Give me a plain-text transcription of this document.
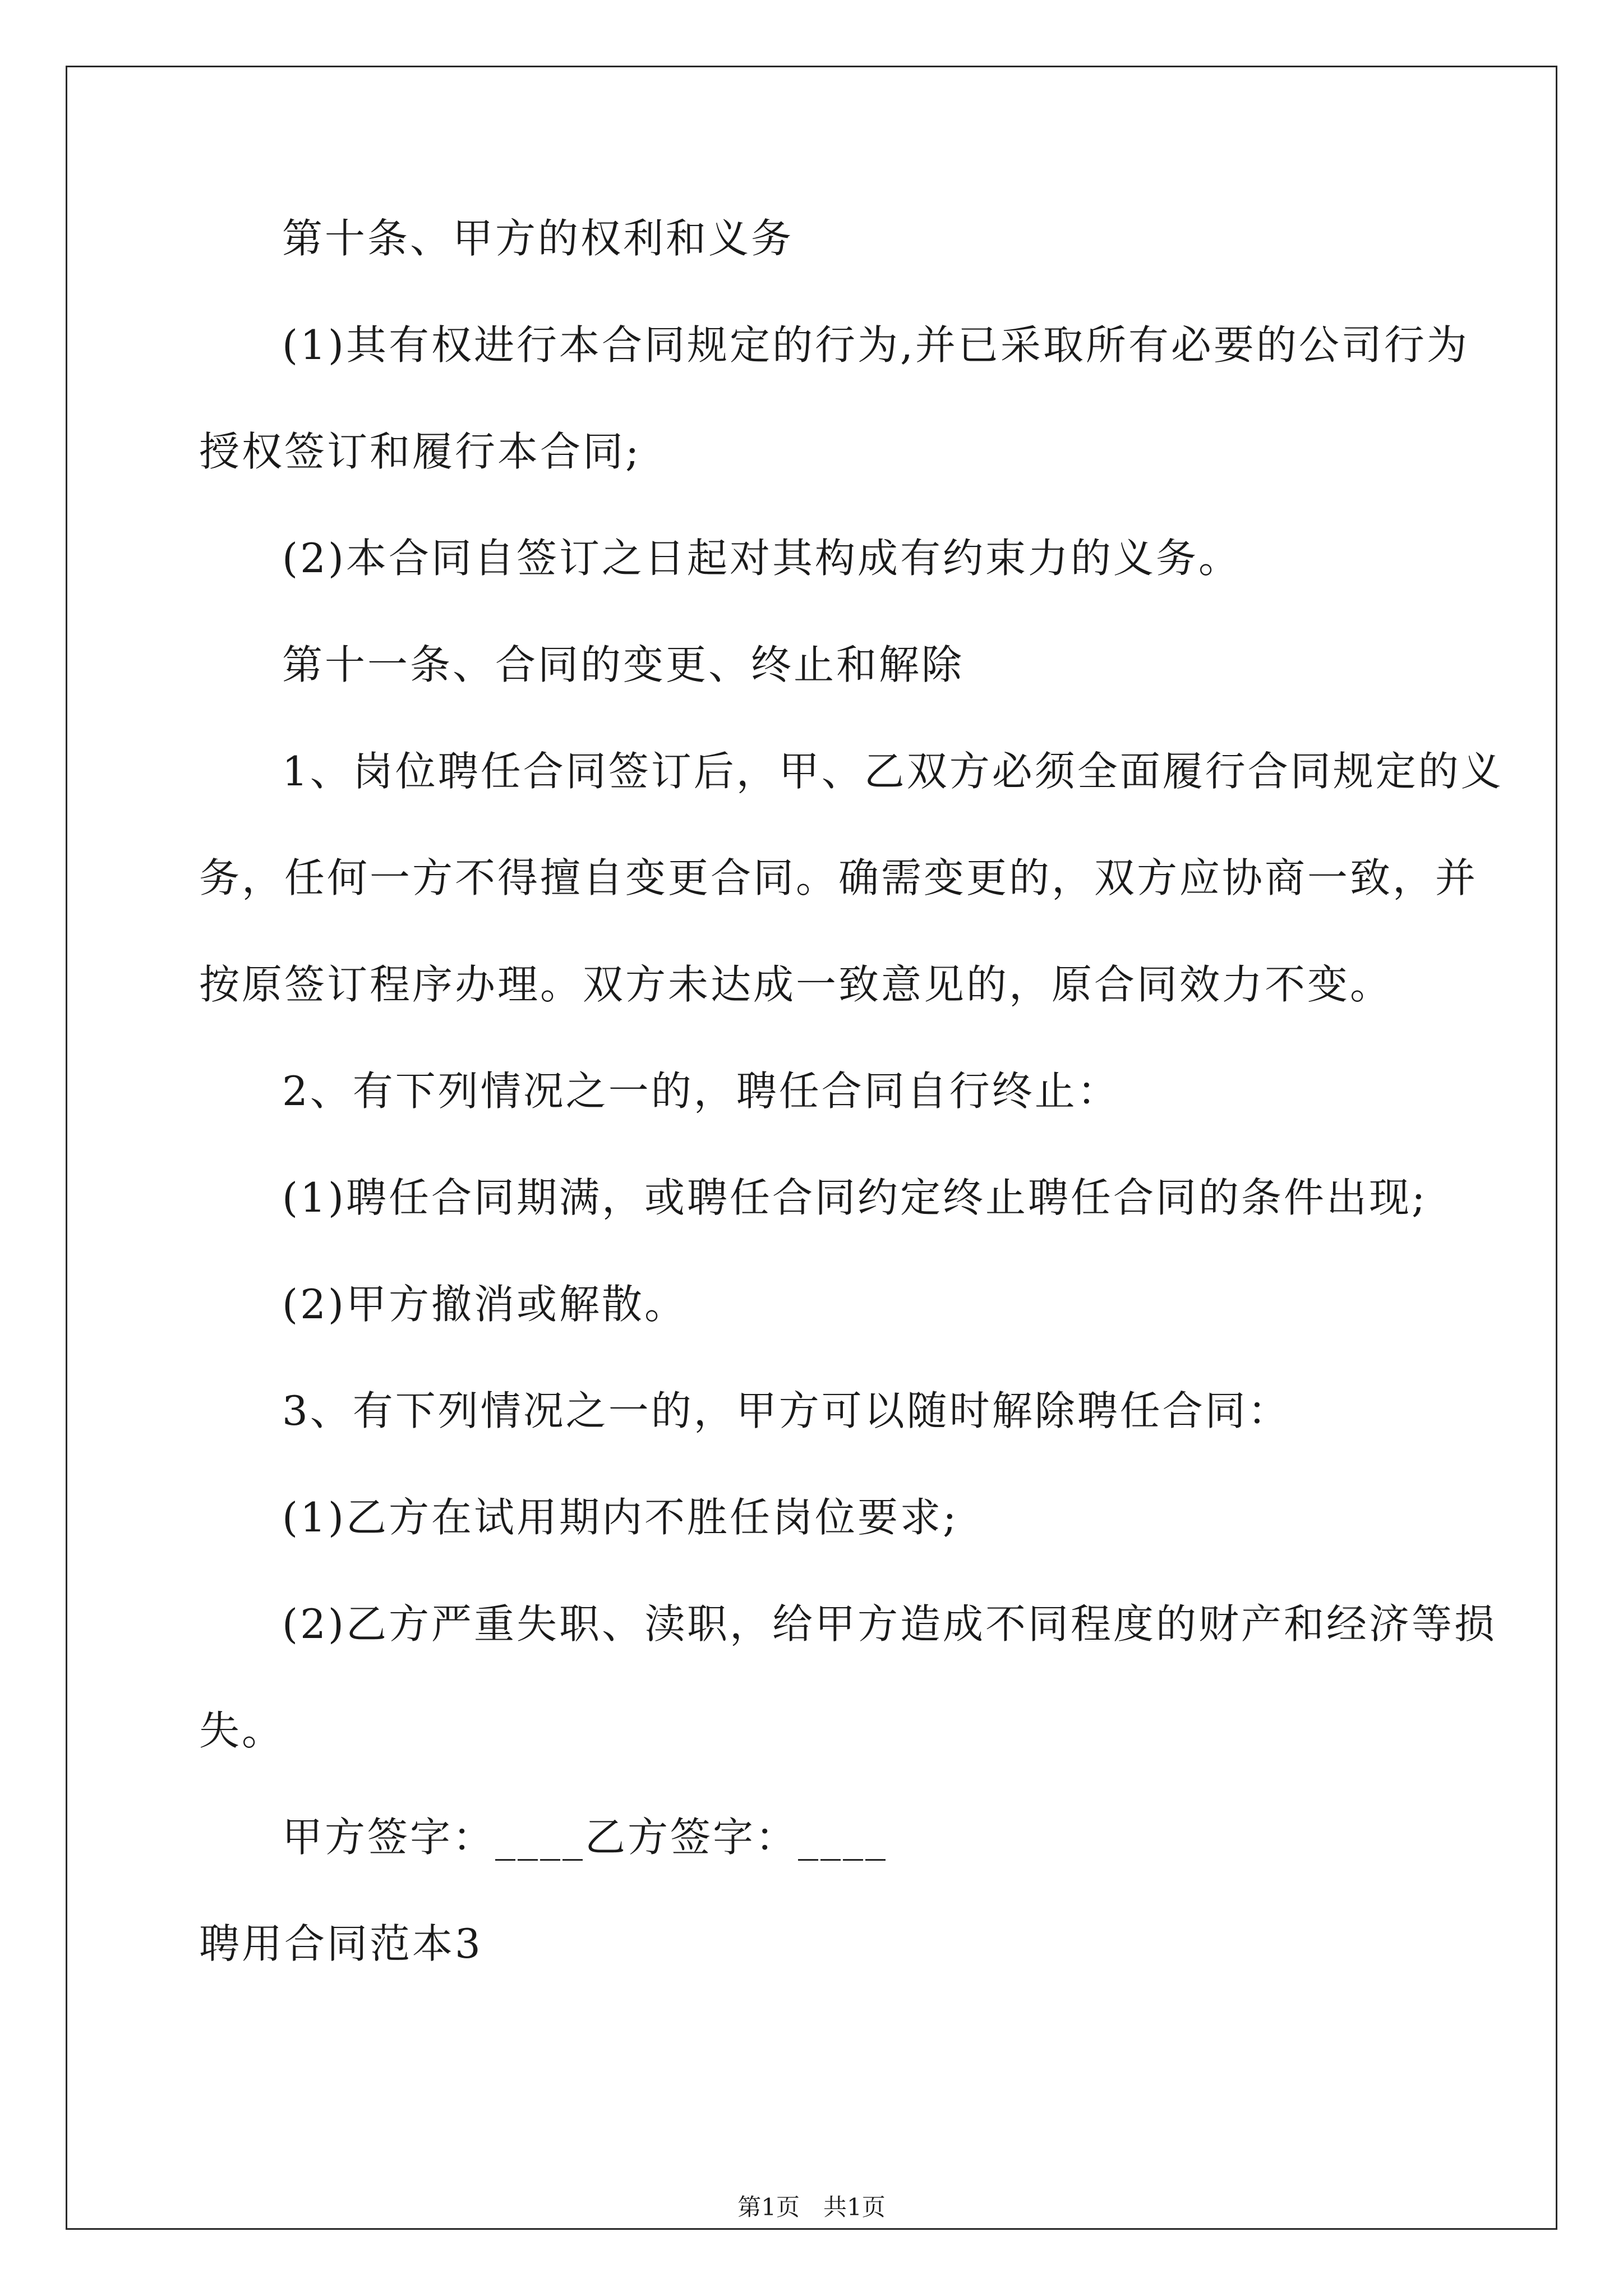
第十条、甲方的权利和义务
(1)其有权进行本合同规定的行为,并已采取所有必要的公司行为
授权签订和履行本合同;
(2)本合同自签订之日起对其构成有约束力的义务。
第十一条、合同的变更、终止和解除
1、岗位聘任合同签订后，甲、乙双方必须全面履行合同规定的义
务，任何一方不得擅自变更合同。确需变更的，双方应协商一致，并
按原签订程序办理。双方未达成一致意见的，原合同效力不变。
2、有下列情况之一的，聘任合同自行终止：
(1)聘任合同期满，或聘任合同约定终止聘任合同的条件出现;
(2)甲方撤消或解散。
3、有下列情况之一的，甲方可以随时解除聘任合同：
(1)乙方在试用期内不胜任岗位要求;
(2)乙方严重失职、渎职，给甲方造成不同程度的财产和经济等损
失。
甲方签字：____乙方签字：____
聘用合同范本3
第1页　共1页
